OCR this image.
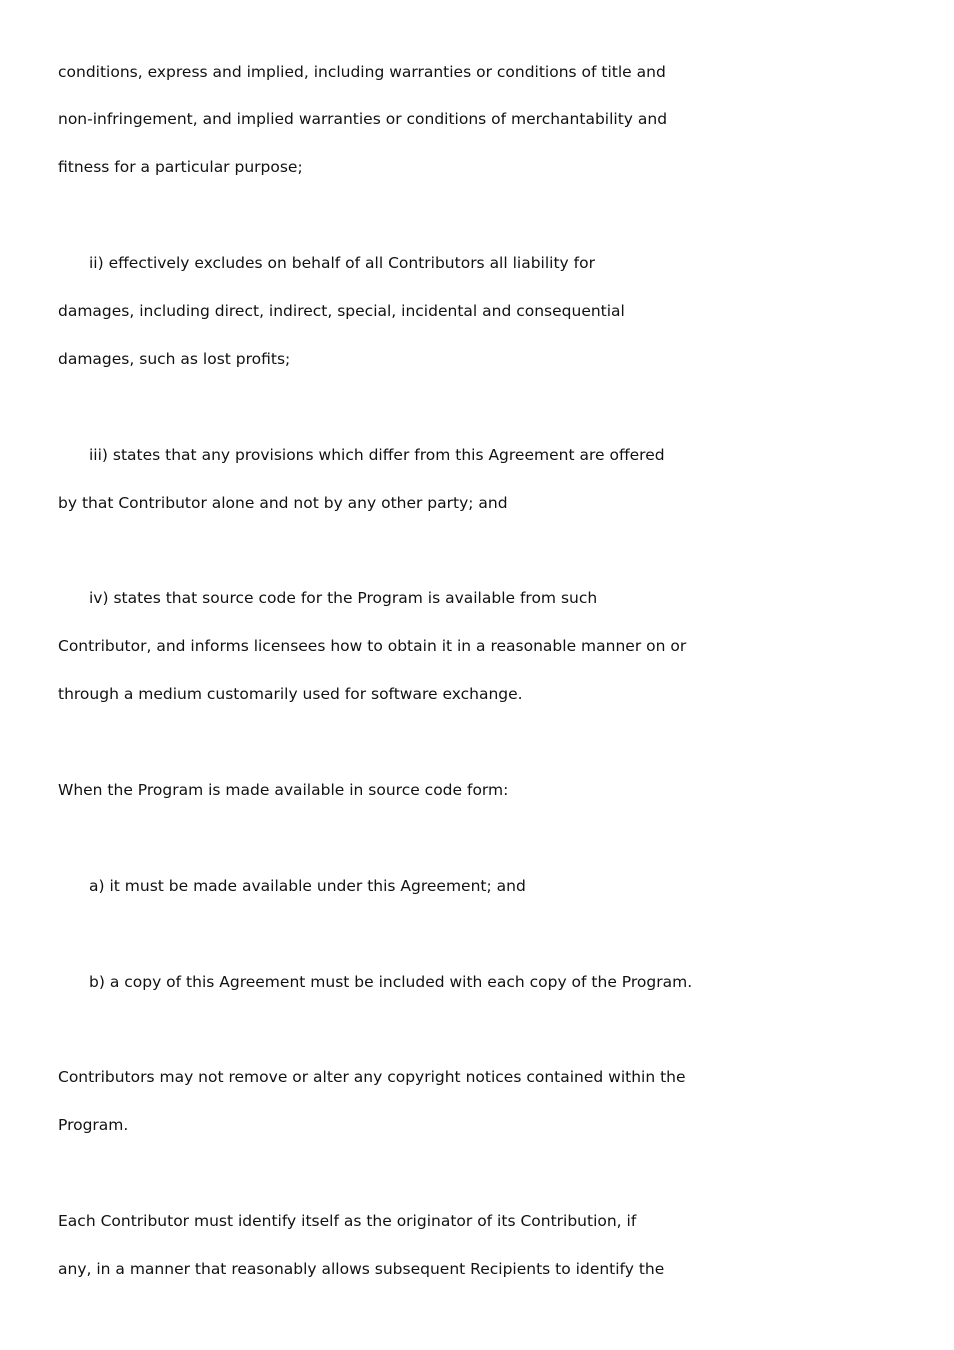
conditions, express and implied, including warranties or conditions of title and

non-infringement, and implied warranties or conditions of merchantability and

fitness for a particular purpose;

ii) effectively excludes on behalf of all Contributors all liability for

damages, including direct, indirect, special, incidental and consequential

damages, such as lost profits;

iii) states that any provisions which differ from this Agreement are offered

by that Contributor alone and not by any other party; and

iv) states that source code for the Program is available from such

Contributor, and informs licensees how to obtain it in a reasonable manner on or

through a medium customarily used for software exchange.

When the Program is made available in source code form:

a) it must be made available under this Agreement; and

b) a copy of this Agreement must be included with each copy of the Program.

Contributors may not remove or alter any copyright notices contained within the

Program.

Each Contributor must identify itself as the originator of its Contribution, if

any, in a manner that reasonably allows subsequent Recipients to identify the
